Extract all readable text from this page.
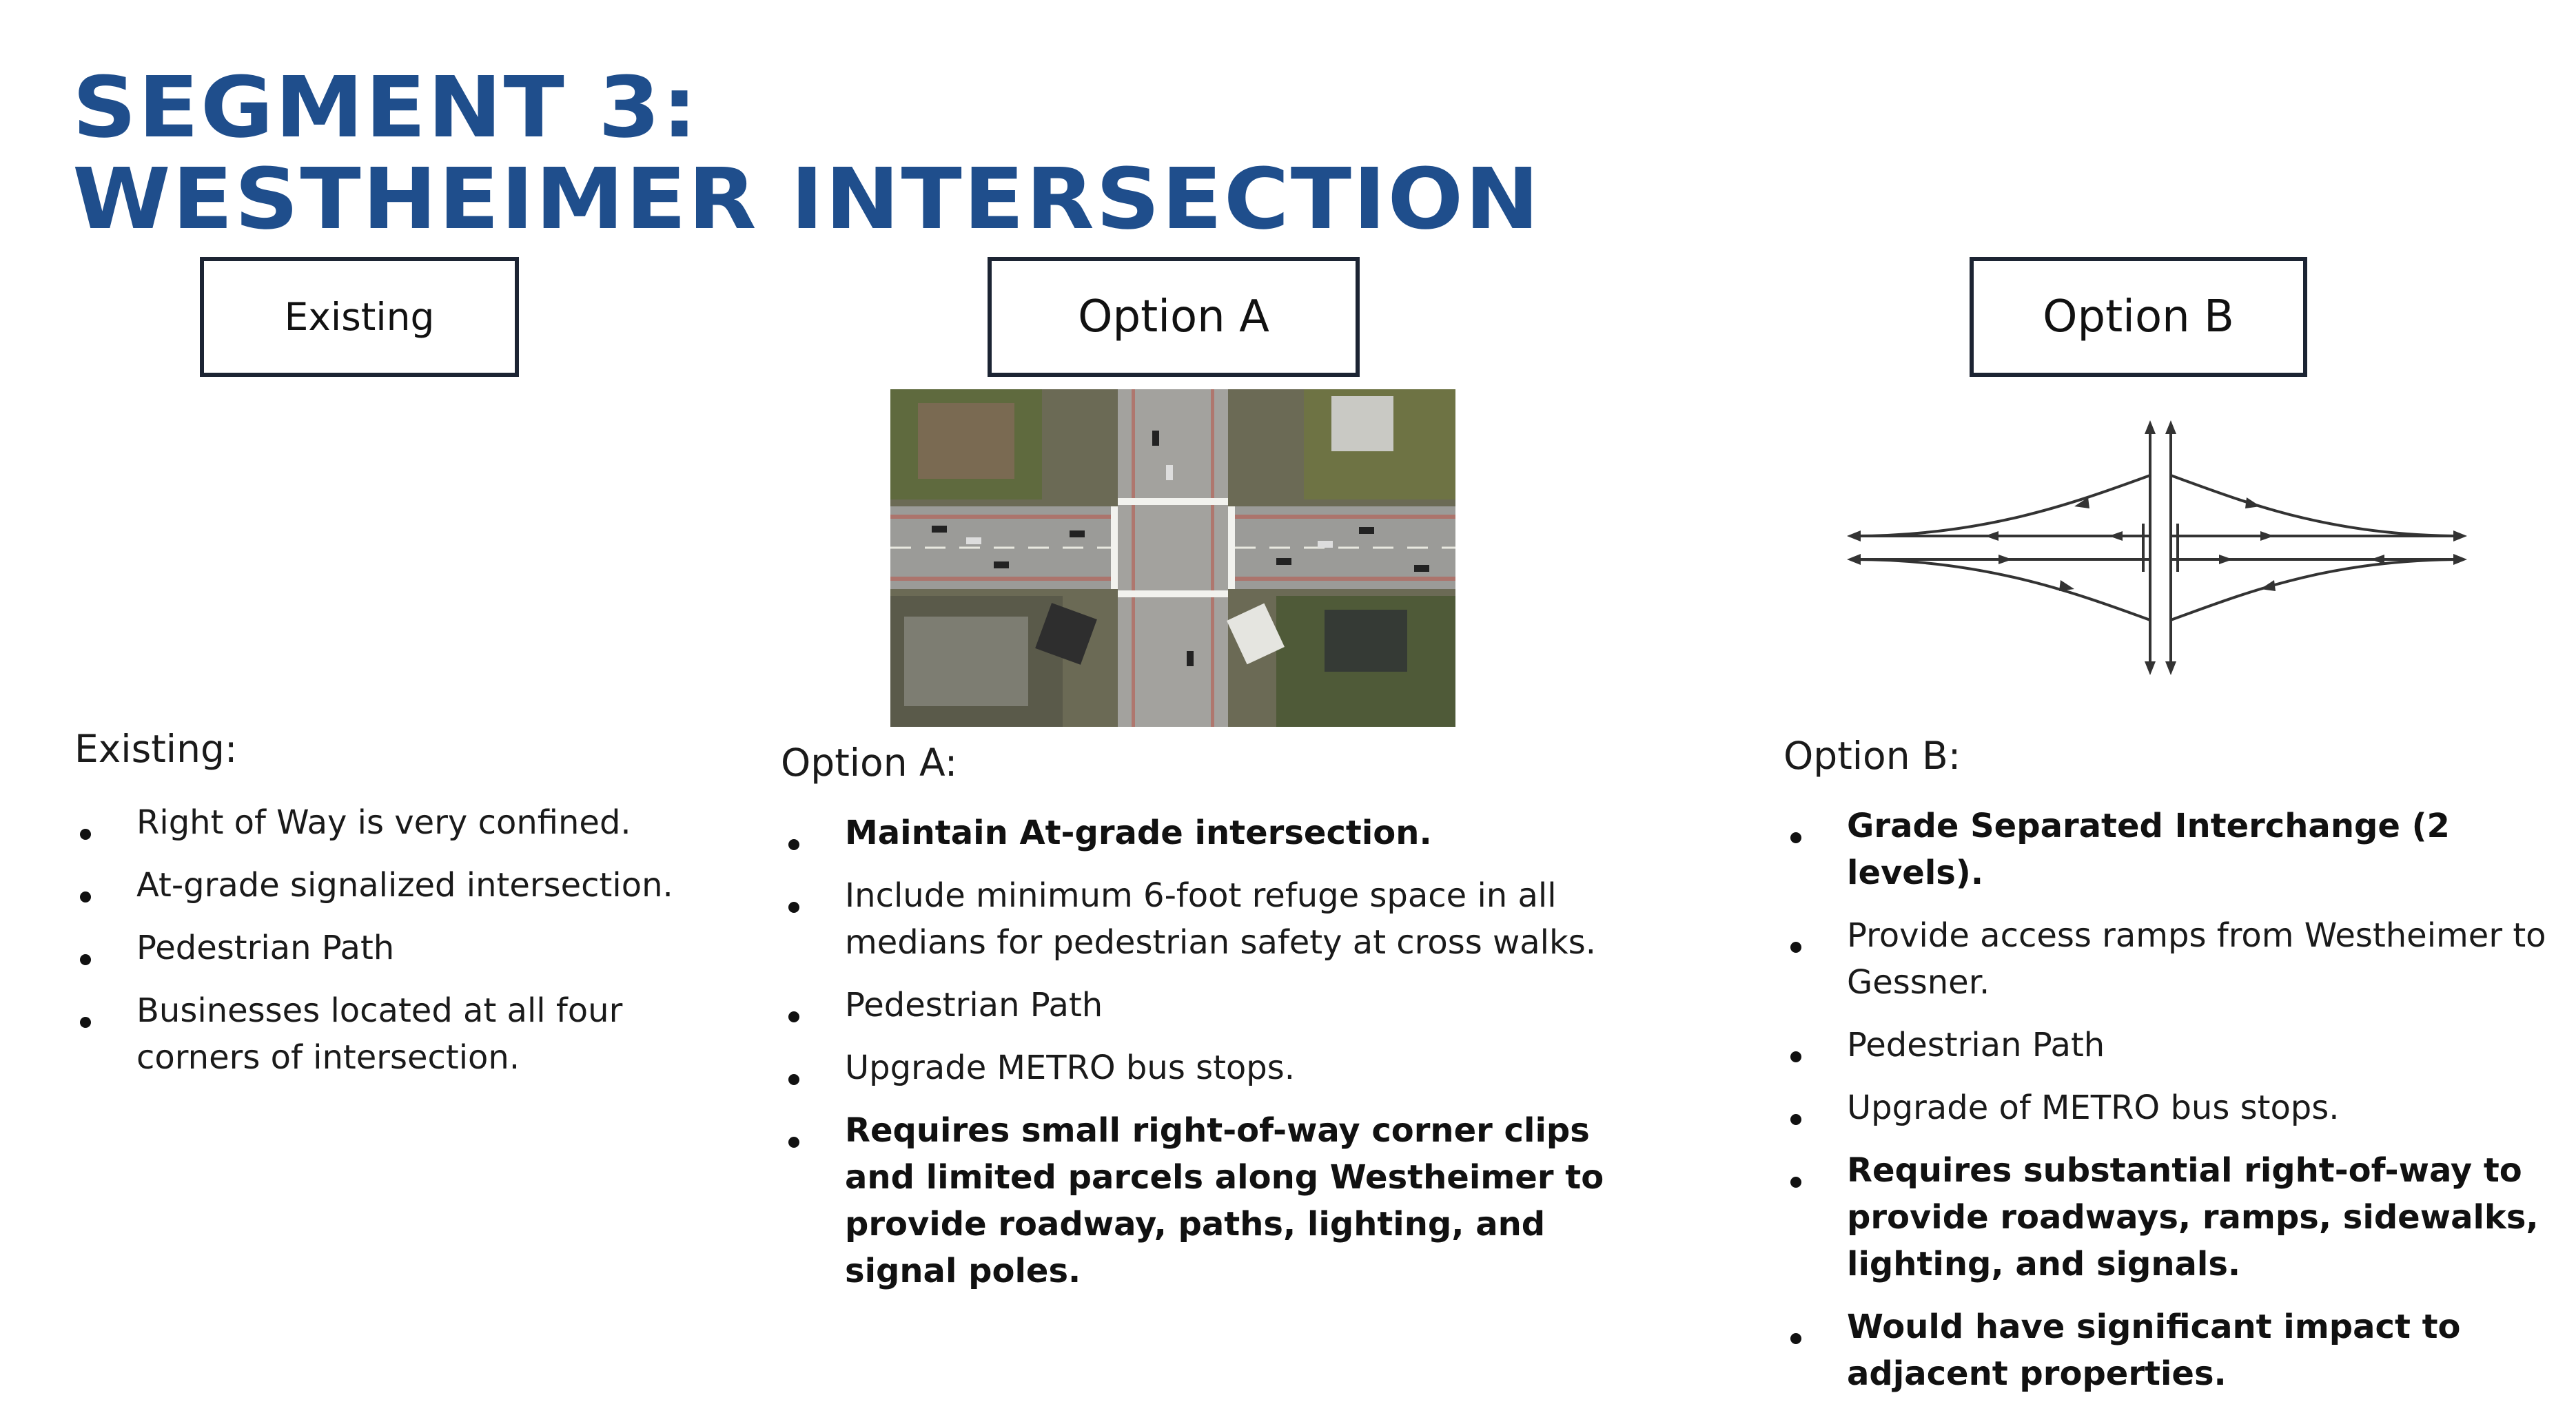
SEGMENT 3:
WESTHEIMER INTERSECTION
Existing	Option A	Option B
Existing:
Right of Way is very confined.
At-grade signalized intersection.
Pedestrian Path
Businesses located at all four corners of intersection.
Option A:
Maintain At-grade intersection.
Include minimum 6-foot refuge space in all medians for pedestrian safety at cross walks.
Pedestrian Path
Upgrade METRO bus stops.
Requires small right-of-way corner clips and limited parcels along Westheimer to provide roadway, paths, lighting, and signal poles.
Option B:
Grade Separated Interchange (2 levels).
Provide access ramps from Westheimer to Gessner.
Pedestrian Path
Upgrade of METRO bus stops.
Requires substantial right-of-way to provide roadways, ramps, sidewalks, lighting, and signals.
Would have significant impact to adjacent properties.
